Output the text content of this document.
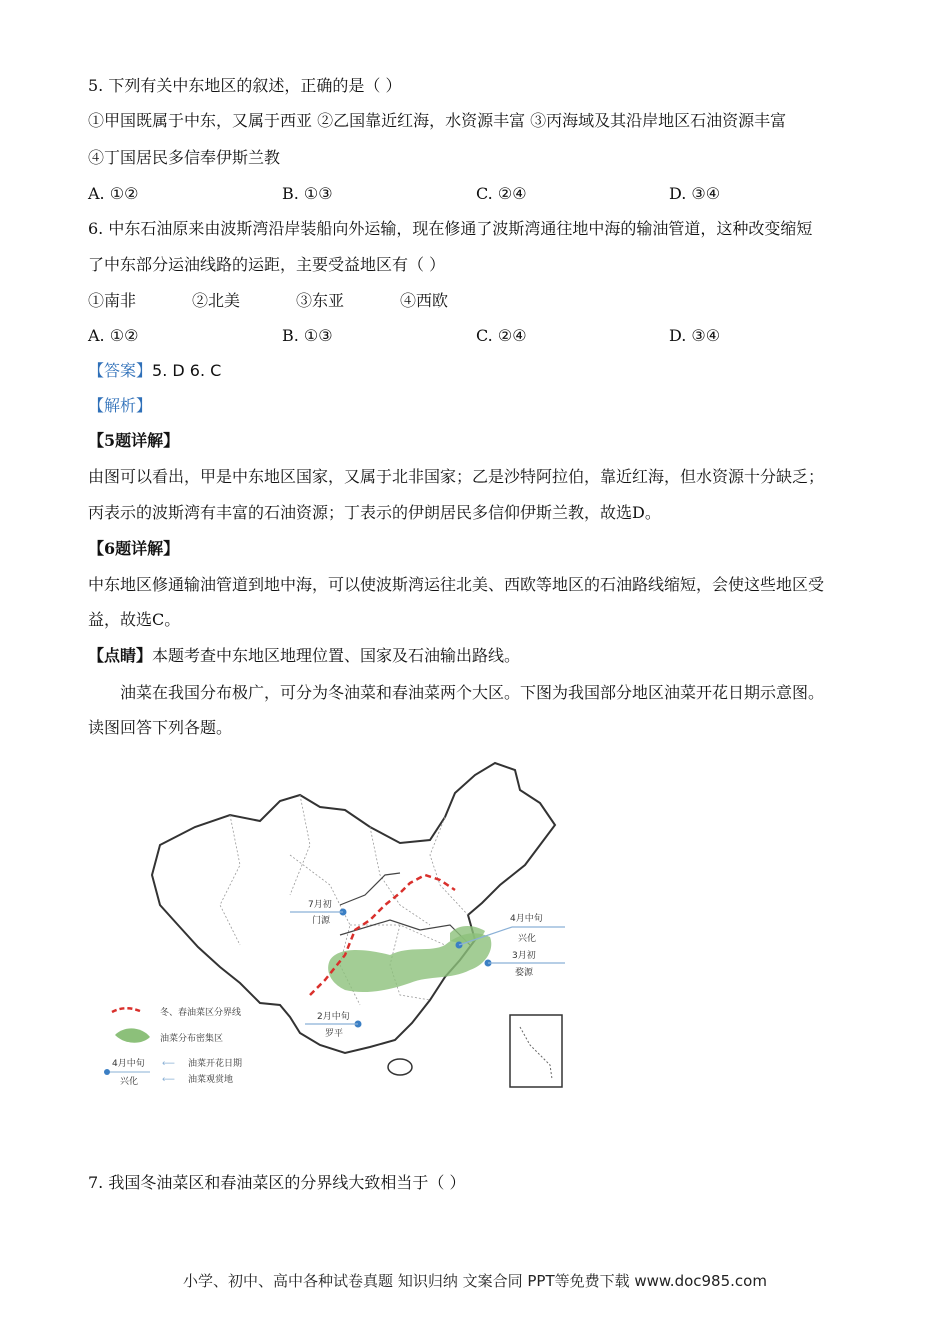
5. 下列有关中东地区的叙述，正确的是（ ）
①甲国既属于中东，又属于西亚 ②乙国靠近红海，水资源丰富 ③丙海域及其沿岸地区石油资源丰富
④丁国居民多信奉伊斯兰教
A. ①②	B. ①③	C. ②④	D. ③④
6. 中东石油原来由波斯湾沿岸装船向外运输，现在修通了波斯湾通往地中海的输油管道，这种改变缩短
了中东部分运油线路的运距，主要受益地区有（ ）
①南非	②北美	③东亚	④西欧
A. ①②	B. ①③	C. ②④	D. ③④
【答案】5. D 6. C
【解析】
【5题详解】
由图可以看出，甲是中东地区国家，又属于北非国家；乙是沙特阿拉伯，靠近红海，但水资源十分缺乏；
丙表示的波斯湾有丰富的石油资源；丁表示的伊朗居民多信仰伊斯兰教，故选D。
【6题详解】
中东地区修通输油管道到地中海，可以使波斯湾运往北美、西欧等地区的石油路线缩短，会使这些地区受
益，故选C。
【点睛】本题考查中东地区地理位置、国家及石油输出路线。
油菜在我国分布极广，可分为冬油菜和春油菜两个大区。下图为我国部分地区油菜开花日期示意图。
读图回答下列各题。
7月初
门源	4月中旬
兴化
3月初
婺源
2月中旬
罗平
冬、春油菜区分界线
油菜分布密集区
4月中旬
兴化
⟵ 油菜开花日期
⟵ 油菜观赏地
7. 我国冬油菜区和春油菜区的分界线大致相当于（ ）
小学、初中、高中各种试卷真题 知识归纳 文案合同 PPT等免费下载 www.doc985.com
